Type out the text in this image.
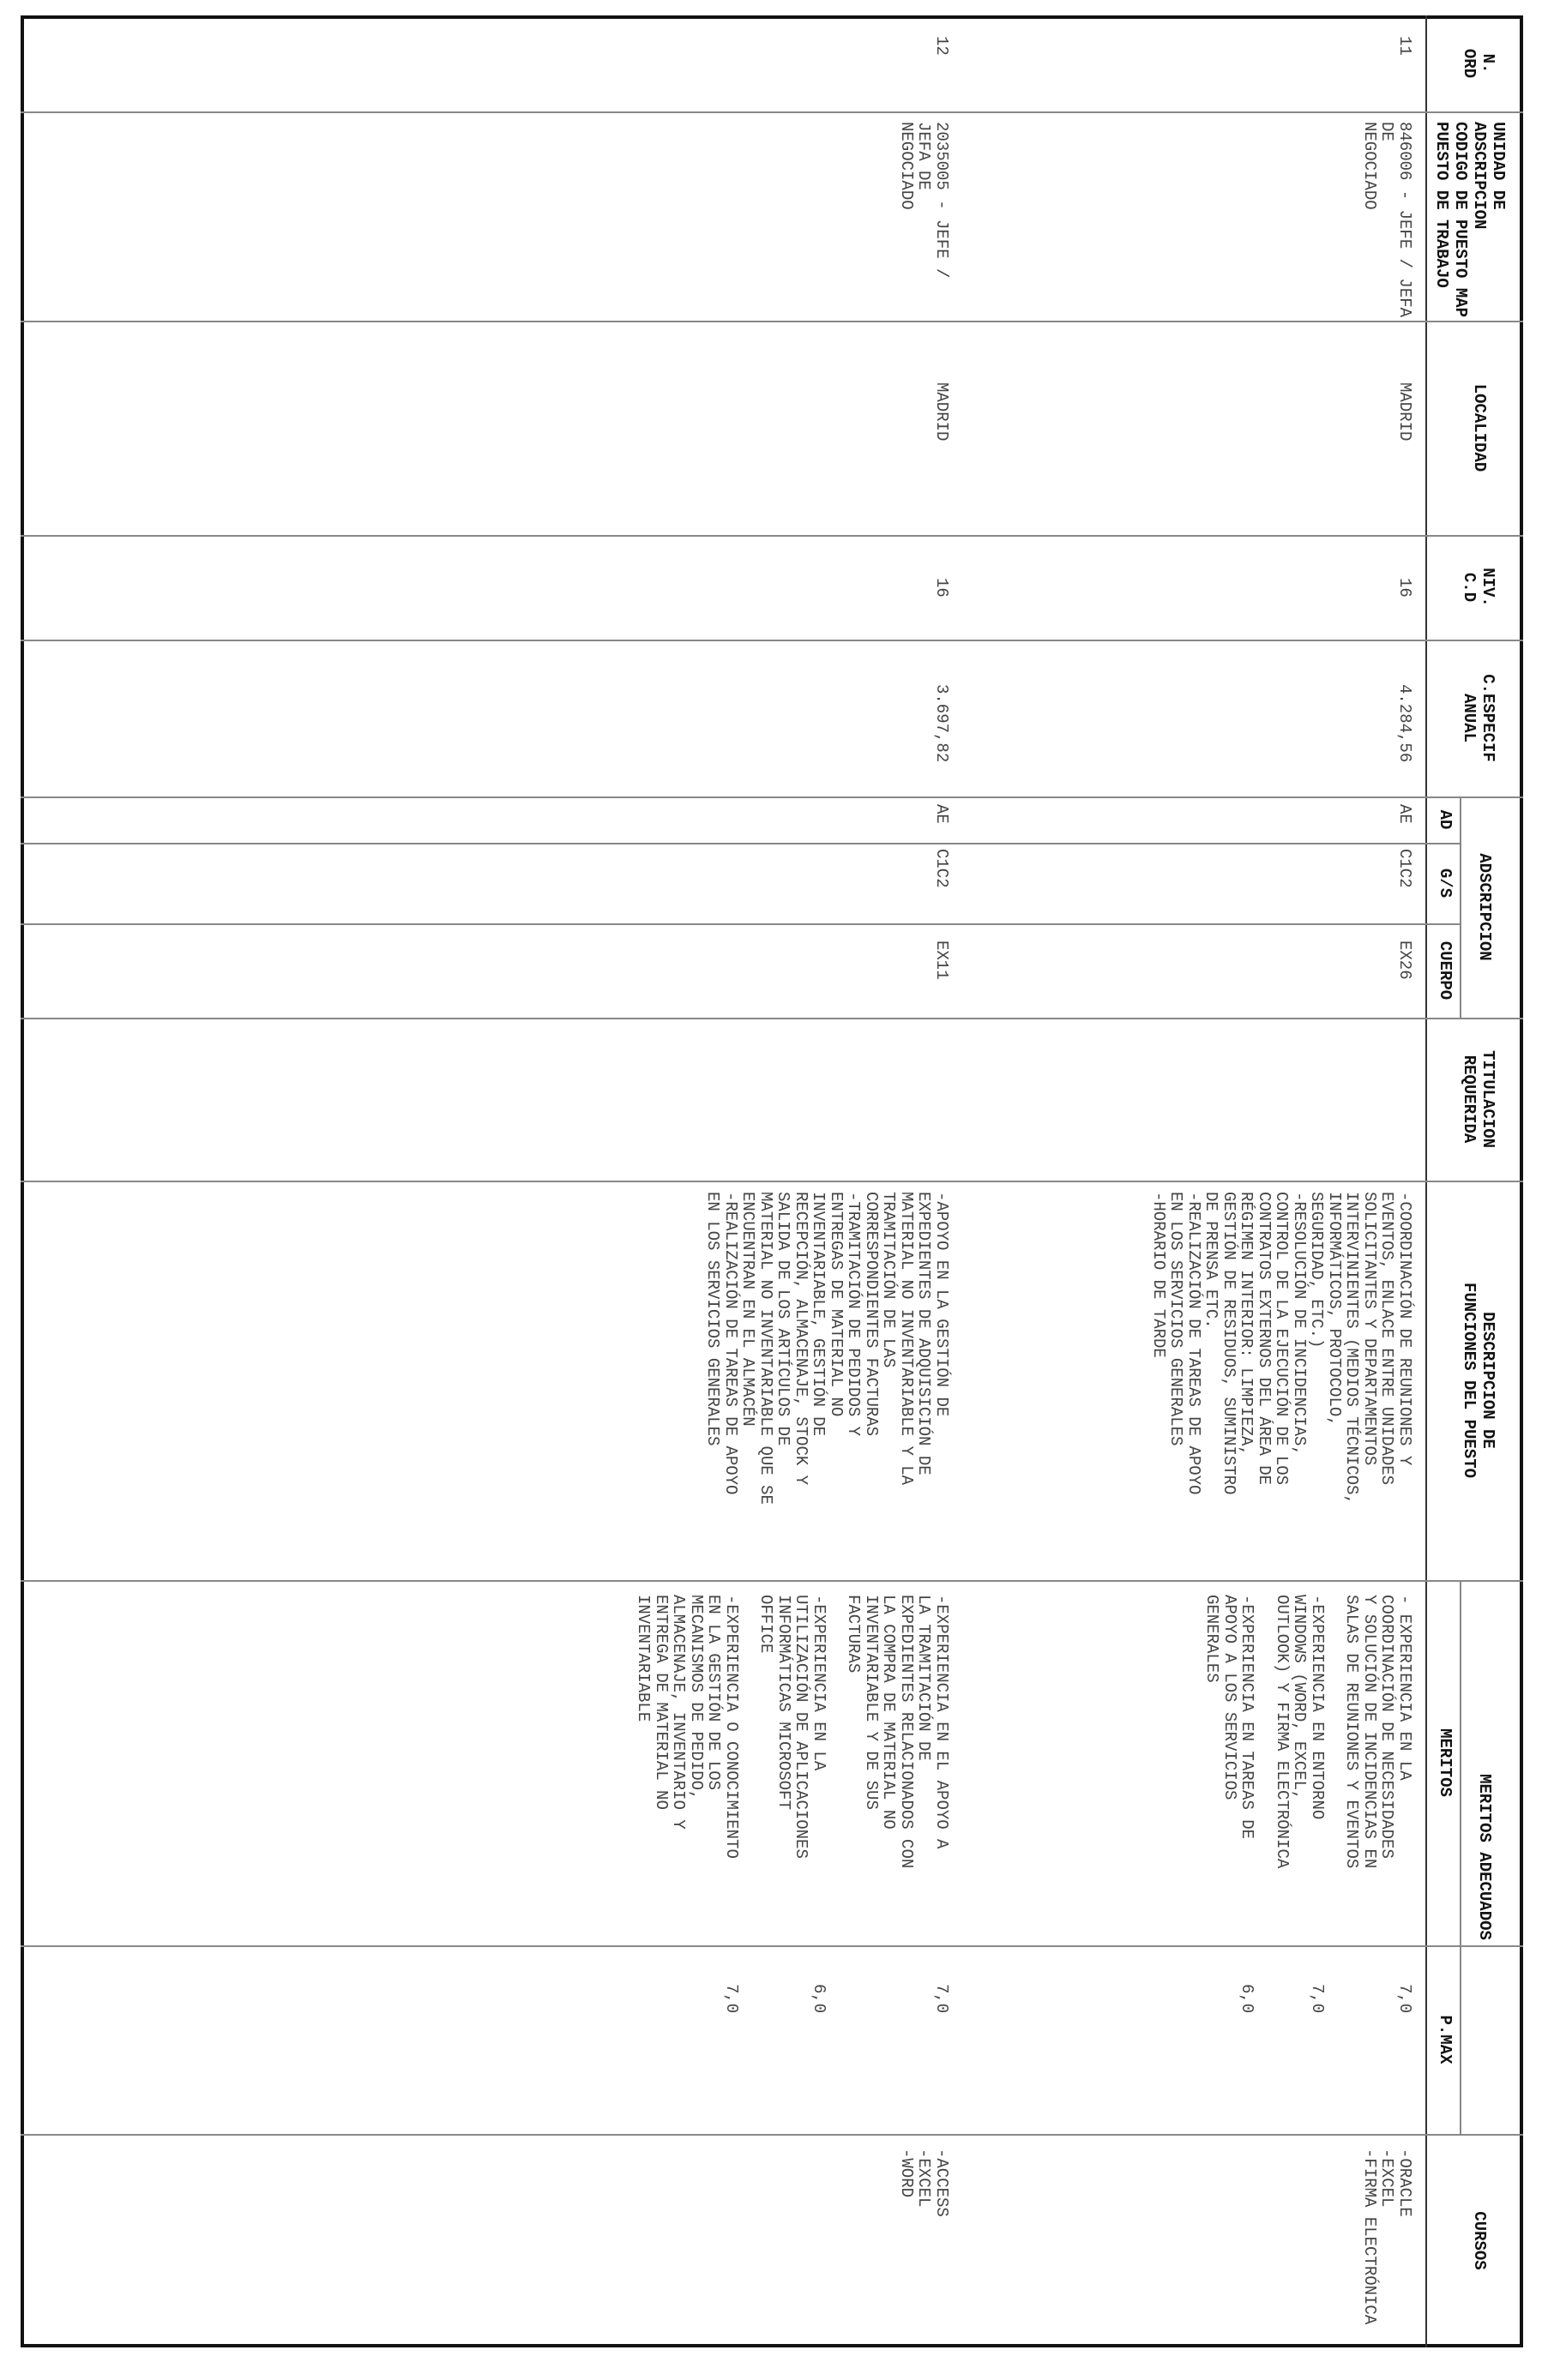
N.
ORD
UNIDAD DE ADSCRIPCION
CODIGO DE PUESTO MAP
PUESTO DE TRABAJO
LOCALIDAD
NIV.
C.D
C.ESPECIF
ANUAL
ADSCRIPCION
AD
G/S
CUERPO
TITULACION
REQUERIDA
DESCRIPCION DE
FUNCIONES DEL PUESTO
MERITOS ADECUADOS
MERITOS
P.MAX
CURSOS
11
846006 - JEFE / JEFA DE
NEGOCIADO
MADRID
16
4.284,56
AE
C1C2
EX26
-COORDINACIÓN DE REUNIONES Y
EVENTOS, ENLACE ENTRE UNIDADES
SOLICITANTES Y DEPARTAMENTOS
INTERVINIENTES (MEDIOS TÉCNICOS,
INFORMÁTICOS, PROTOCOLO,
SEGURIDAD, ETC.)
-RESOLUCIÓN DE INCIDENCIAS,
CONTROL DE LA EJECUCIÓN DE LOS
CONTRATOS EXTERNOS DEL ÁREA DE
RÉGIMEN INTERIOR: LIMPIEZA,
GESTIÓN DE RESIDUOS, SUMINISTRO
DE PRENSA ETC.
-REALIZACIÓN DE TAREAS DE APOYO
EN LOS SERVICIOS GENERALES
-HORARIO DE TARDE
- EXPERIENCIA EN LA
COORDINACIÓN DE NECESIDADES
Y SOLUCIÓN DE INCIDENCIAS EN
SALAS DE REUNIONES Y EVENTOS
7,0
-EXPERIENCIA EN ENTORNO
WINDOWS (WORD, EXCEL,
OUTLOOK) Y FIRMA ELECTRÓNICA
7,0
-EXPERIENCIA EN TAREAS DE
APOYO A LOS SERVICIOS
GENERALES
6,0
-ORACLE
-EXCEL
-FIRMA ELECTRÓNICA
12
2035005 - JEFE / JEFA DE
NEGOCIADO
MADRID
16
3.697,82
AE
C1C2
EX11
-APOYO EN LA GESTIÓN DE
EXPEDIENTES DE ADQUISICIÓN DE
MATERIAL NO INVENTARIABLE Y LA
TRAMITACIÓN DE LAS
CORRESPONDIENTES FACTURAS
-TRAMITACIÓN DE PEDIDOS Y
ENTREGAS DE MATERIAL NO
INVENTARIABLE, GESTIÓN DE
RECEPCIÓN, ALMACENAJE, STOCK Y
SALIDA DE LOS ARTÍCULOS DE
MATERIAL NO INVENTARIABLE QUE SE
ENCUENTRAN EN EL ALMACÉN
-REALIZACIÓN DE TAREAS DE APOYO
EN LOS SERVICIOS GENERALES
-EXPERIENCIA EN EL APOYO A
LA TRAMITACIÓN DE
EXPEDIENTES RELACIONADOS CON
LA COMPRA DE MATERIAL NO
INVENTARIABLE Y DE SUS
FACTURAS
7,0
-EXPERIENCIA EN LA
UTILIZACIÓN DE APLICACIONES
INFORMÁTICAS MICROSOFT
OFFICE
6,0
-EXPERIENCIA O CONOCIMIENTO
EN LA GESTIÓN DE LOS
MECANISMOS DE PEDIDO,
ALMACENAJE, INVENTARIO Y
ENTREGA DE MATERIAL NO
INVENTARIABLE
7,0
-ACCESS
-EXCEL
-WORD
